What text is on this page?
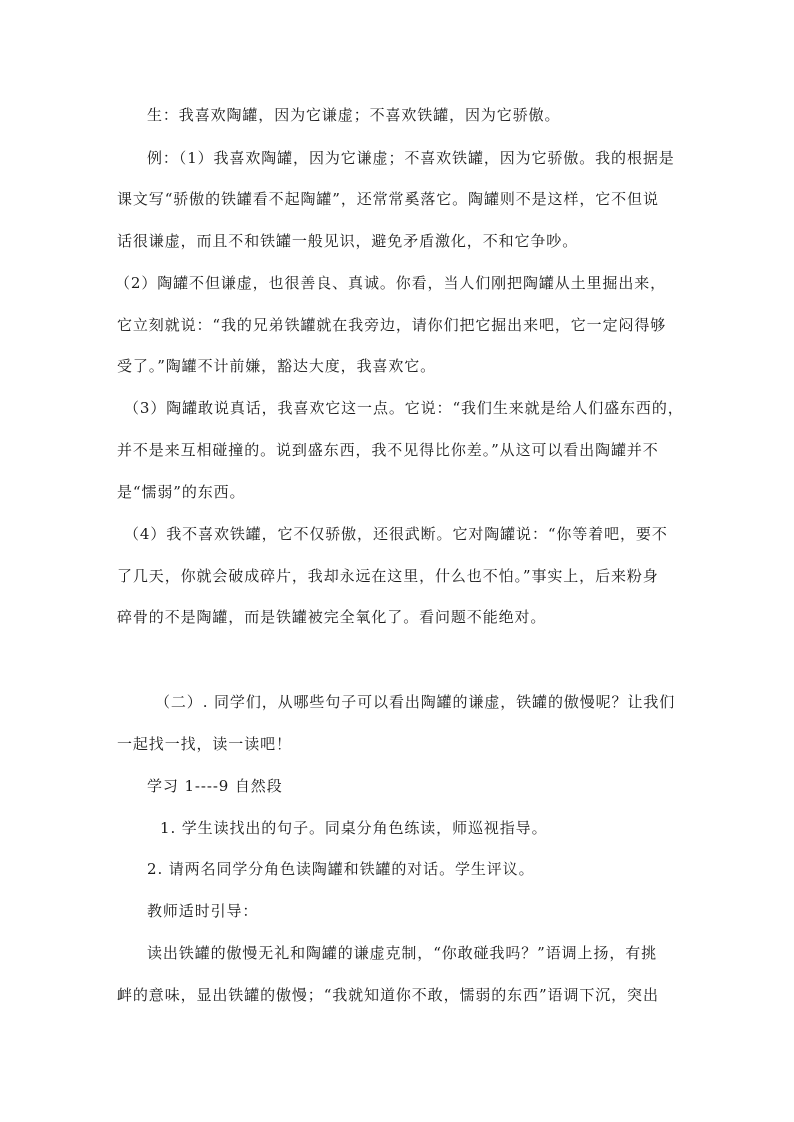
生：我喜欢陶罐，因为它谦虚；不喜欢铁罐，因为它骄傲。
例：（1）我喜欢陶罐，因为它谦虚；不喜欢铁罐，因为它骄傲。我的根据是
课文写“骄傲的铁罐看不起陶罐”，还常常奚落它。陶罐则不是这样，它不但说
话很谦虚，而且不和铁罐一般见识，避免矛盾激化，不和它争吵。
（2）陶罐不但谦虚，也很善良、真诚。你看，当人们刚把陶罐从土里掘出来，
它立刻就说：“我的兄弟铁罐就在我旁边，请你们把它掘出来吧，它一定闷得够
受了。”陶罐不计前嫌，豁达大度，我喜欢它。
（3）陶罐敢说真话，我喜欢它这一点。它说：“我们生来就是给人们盛东西的，
并不是来互相碰撞的。说到盛东西，我不见得比你差。”从这可以看出陶罐并不
是“懦弱”的东西。
（4）我不喜欢铁罐，它不仅骄傲，还很武断。它对陶罐说：“你等着吧，要不
了几天，你就会破成碎片，我却永远在这里，什么也不怕。”事实上，后来粉身
碎骨的不是陶罐，而是铁罐被完全氧化了。看问题不能绝对。
（二）. 同学们，从哪些句子可以看出陶罐的谦虚，铁罐的傲慢呢？让我们
一起找一找，读一读吧！
学习 1----9 自然段
1. 学生读找出的句子。同桌分角色练读，师巡视指导。
2. 请两名同学分角色读陶罐和铁罐的对话。学生评议。
教师适时引导：
读出铁罐的傲慢无礼和陶罐的谦虚克制，“你敢碰我吗？”语调上扬，有挑
衅的意味，显出铁罐的傲慢；“我就知道你不敢，懦弱的东西”语调下沉，突出
